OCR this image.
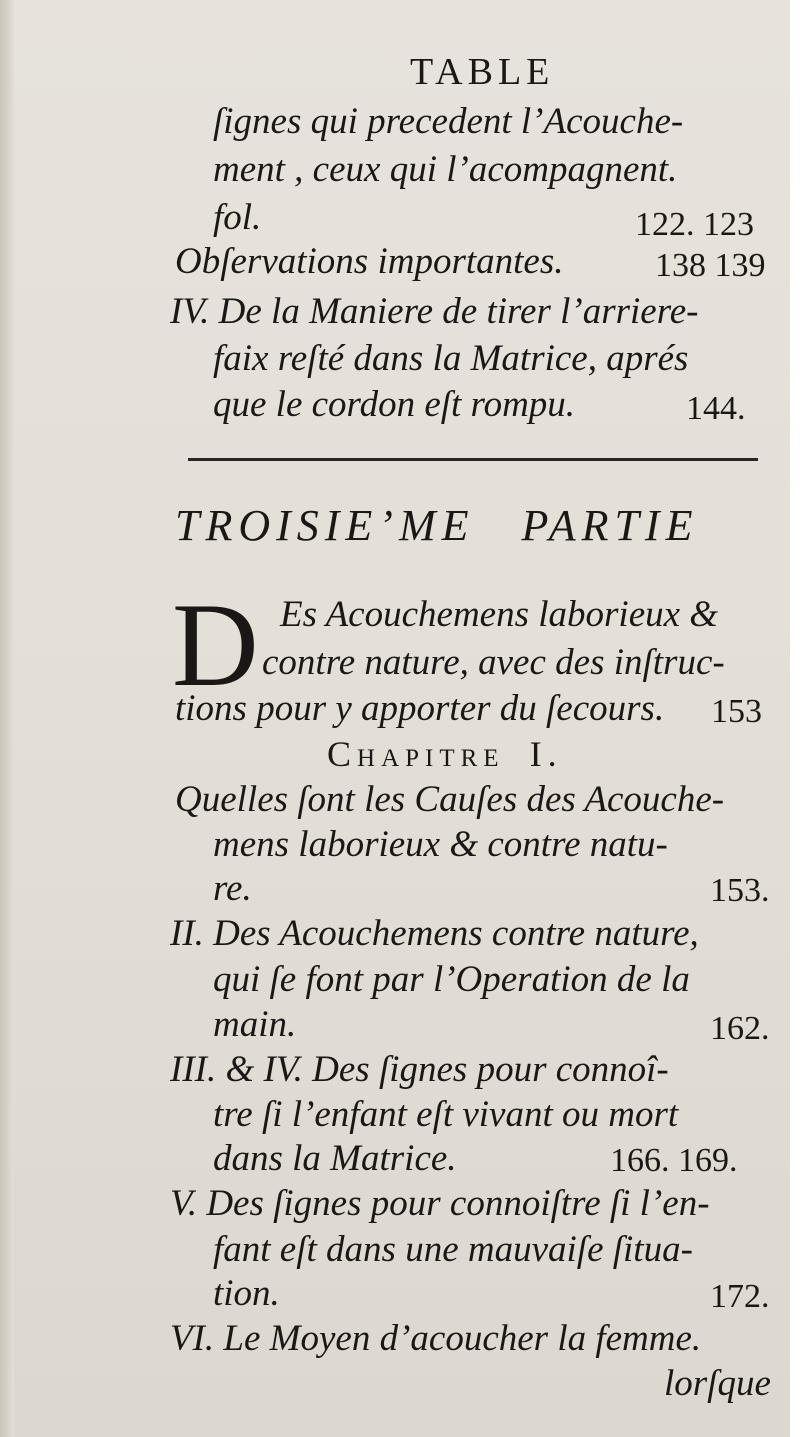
TABLE
ſignes qui precedent l’Acouche-
ment , ceux qui l’acompagnent.
fol.	122. 123
Obſervations importantes.	138 139
IV. De la Maniere de tirer l’arriere-
faix reſté dans la Matrice, aprés
que le cordon eſt rompu.	144.
TROISIE’ME PARTIE
D Es Acouchemens laborieux &
contre nature, avec des inſtruc-
tions pour y apporter du ſecours. 153
Chapitre I.
Quelles ſont les Cauſes des Acouche-
mens laborieux & contre natu-
re.	153.
II. Des Acouchemens contre nature,
qui ſe font par l’Operation de la
main.	162.
III. & IV. Des ſignes pour connoî-
tre ſi l’enfant eſt vivant ou mort
dans la Matrice.	166. 169.
V. Des ſignes pour connoiſtre ſi l’en-
fant eſt dans une mauvaiſe ſitua-
tion.	172.
VI. Le Moyen d’acoucher la femme.
lorſque
